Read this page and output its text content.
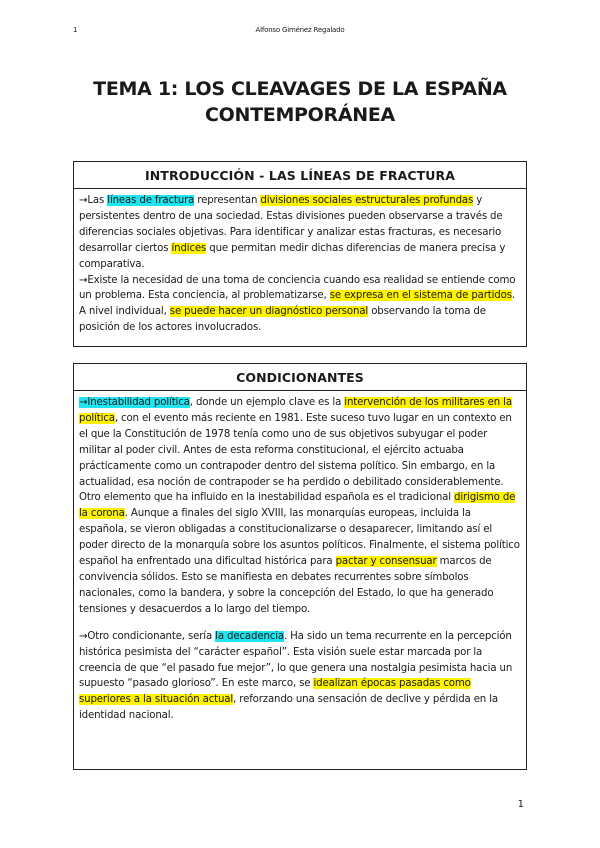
1	Alfonso Giménez Regalado
TEMA 1: LOS CLEAVAGES DE LA ESPAÑA
CONTEMPORÁNEA
INTRODUCCIÓN - LAS LÍNEAS DE FRACTURA

→Las líneas de fractura representan divisiones sociales estructurales profundas y persistentes dentro de una sociedad. Estas divisiones pueden observarse a través de diferencias sociales objetivas. Para identificar y analizar estas fracturas, es necesario desarrollar ciertos índices que permitan medir dichas diferencias de manera precisa y comparativa.

→Existe la necesidad de una toma de conciencia cuando esa realidad se entiende como un problema. Esta conciencia, al problematizarse, se expresa en el sistema de partidos. A nivel individual, se puede hacer un diagnóstico personal observando la toma de posición de los actores involucrados.

CONDICIONANTES

→Inestabilidad política, donde un ejemplo clave es la intervención de los militares en la política, con el evento más reciente en 1981. Este suceso tuvo lugar en un contexto en el que la Constitución de 1978 tenía como uno de sus objetivos subyugar el poder militar al poder civil. Antes de esta reforma constitucional, el ejército actuaba prácticamente como un contrapoder dentro del sistema político. Sin embargo, en la actualidad, esa noción de contrapoder se ha perdido o debilitado considerablemente. Otro elemento que ha influido en la inestabilidad española es el tradicional dirigismo de la corona. Aunque a finales del siglo XVIII, las monarquías europeas, incluida la española, se vieron obligadas a constitucionalizarse o desaparecer, limitando así el poder directo de la monarquía sobre los asuntos políticos. Finalmente, el sistema político español ha enfrentado una dificultad histórica para pactar y consensuar marcos de convivencia sólidos. Esto se manifiesta en debates recurrentes sobre símbolos nacionales, como la bandera, y sobre la concepción del Estado, lo que ha generado tensiones y desacuerdos a lo largo del tiempo.

→Otro condicionante, sería la decadencia. Ha sido un tema recurrente en la percepción histórica pesimista del “carácter español”. Esta visión suele estar marcada por la creencia de que “el pasado fue mejor”, lo que genera una nostalgia pesimista hacia un supuesto “pasado glorioso”. En este marco, se idealizan épocas pasadas como superiores a la situación actual, reforzando una sensación de declive y pérdida en la identidad nacional.

1
